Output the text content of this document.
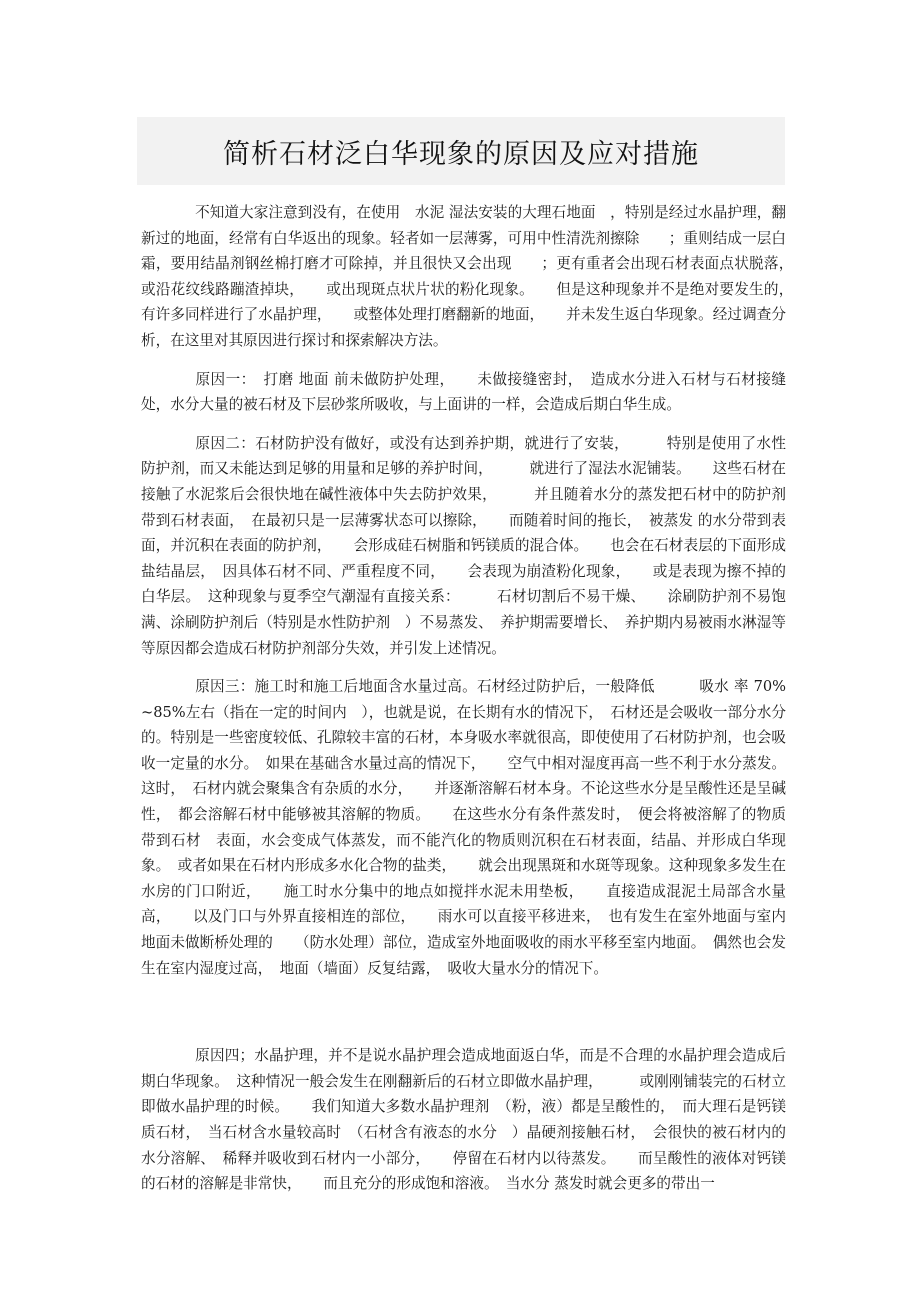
简析石材泛白华现象的原因及应对措施

不知道大家注意到没有，在使用　水泥 湿法安装的大理石地面　，特别是经过水晶护理，翻新过的地面，经常有白华返出的现象。轻者如一层薄雾，可用中性清洗剂擦除　　；重则结成一层白霜，要用结晶剂钢丝棉打磨才可除掉，并且很快又会出现　　；更有重者会出现石材表面点状脱落，　或沿花纹线路蹦渣掉块，　　或出现斑点状片状的粉化现象。　　但是这种现象并不是绝对要发生的，　有许多同样进行了水晶护理，　　或整体处理打磨翻新的地面，　　并未发生返白华现象。经过调查分析，在这里对其原因进行探讨和探索解决方法。

原因一：　打磨 地面 前未做防护处理，　　未做接缝密封，　造成水分进入石材与石材接缝处，水分大量的被石材及下层砂浆所吸收，与上面讲的一样，会造成后期白华生成。

原因二：石材防护没有做好，或没有达到养护期，就进行了安装，　　　特别是使用了水性防护剂，而又未能达到足够的用量和足够的养护时间，　　　就进行了湿法水泥铺装。　　这些石材在接触了水泥浆后会很快地在碱性液体中失去防护效果，　　　并且随着水分的蒸发把石材中的防护剂带到石材表面，　在最初只是一层薄雾状态可以擦除，　　而随着时间的拖长，　被蒸发 的水分带到表面，并沉积在表面的防护剂，　　会形成硅石树脂和钙镁质的混合体。　　也会在石材表层的下面形成盐结晶层，　因具体石材不同、严重程度不同，　　会表现为崩渣粉化现象，　　或是表现为擦不掉的白华层。　这种现象与夏季空气潮湿有直接关系：　　　石材切割后不易干燥、　　涂刷防护剂不易饱满、涂刷防护剂后（特别是水性防护剂　）不易蒸发、　养护期需要增长、　养护期内易被雨水淋湿等等原因都会造成石材防护剂部分失效，并引发上述情况。

原因三：施工时和施工后地面含水量过高。石材经过防护后，一般降低　　　吸水 率 70%~85%左右（指在一定的时间内　），也就是说，在长期有水的情况下，　石材还是会吸收一部分水分的。特别是一些密度较低、孔隙较丰富的石材，本身吸水率就很高，即使使用了石材防护剂，也会吸收一定量的水分。　如果在基础含水量过高的情况下，　　空气中相对湿度再高一些不利于水分蒸发。这时，　石材内就会聚集含有杂质的水分，　　并逐渐溶解石材本身。不论这些水分是呈酸性还是呈碱性，　都会溶解石材中能够被其溶解的物质。　　在这些水分有条件蒸发时，　便会将被溶解了的物质带到石材　表面，水会变成气体蒸发，而不能汽化的物质则沉积在石材表面，结晶、并形成白华现象。　或者如果在石材内形成多水化合物的盐类，　　就会出现黑斑和水斑等现象。这种现象多发生在水房的门口附近，　　施工时水分集中的地点如搅拌水泥未用垫板，　　直接造成混泥土局部含水量高，　　以及门口与外界直接相连的部位，　　雨水可以直接平移进来，　也有发生在室外地面与室内地面未做断桥处理的　　（防水处理）部位，造成室外地面吸收的雨水平移至室内地面。　偶然也会发生在室内湿度过高，　地面（墙面）反复结露，　吸收大量水分的情况下。

原因四；水晶护理，并不是说水晶护理会造成地面返白华，而是不合理的水晶护理会造成后期白华现象。　这种情况一般会发生在刚翻新后的石材立即做水晶护理，　　　或刚刚铺装完的石材立即做水晶护理的时候。　　我们知道大多数水晶护理剂　（粉，液）都是呈酸性的，　而大理石是钙镁质石材，　当石材含水量较高时　（石材含有液态的水分　）晶硬剂接触石材，　会很快的被石材内的水分溶解、　稀释并吸收到石材内一小部分，　　停留在石材内以待蒸发。　　而呈酸性的液体对钙镁的石材的溶解是非常快，　　而且充分的形成饱和溶液。　当水分 蒸发时就会更多的带出一
